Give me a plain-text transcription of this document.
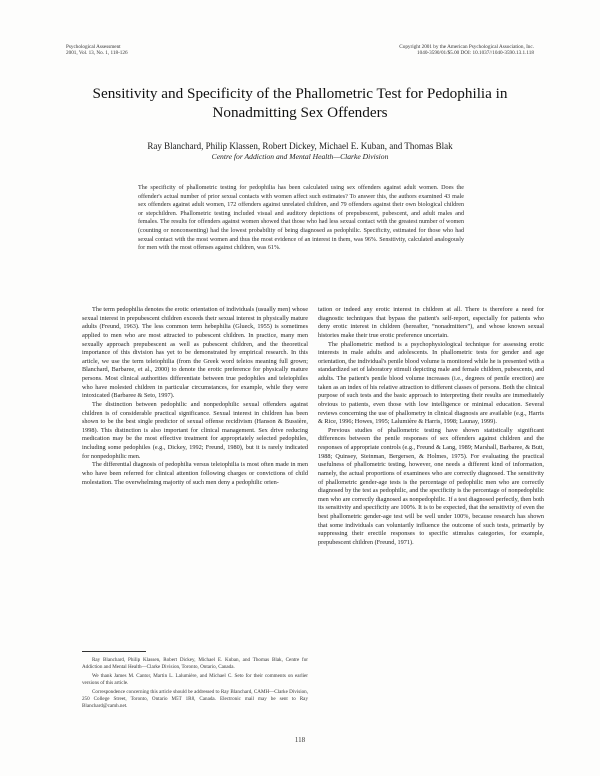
Psychological Assessment
2001, Vol. 13, No. 1, 118-126
Copyright 2001 by the American Psychological Association, Inc.
1040-3590/01/$5.00 DOI: 10.1037//1040-3590.13.1.118
Sensitivity and Specificity of the Phallometric Test for Pedophilia in
Nonadmitting Sex Offenders
Ray Blanchard, Philip Klassen, Robert Dickey, Michael E. Kuban, and Thomas Blak
Centre for Addiction and Mental Health—Clarke Division
The specificity of phallometric testing for pedophilia has been calculated using sex offenders against adult women. Does the offender's actual number of prior sexual contacts with women affect such estimates? To answer this, the authors examined 43 male sex offenders against adult women, 172 offenders against unrelated children, and 79 offenders against their own biological children or stepchildren. Phallometric testing included visual and auditory depictions of prepubescent, pubescent, and adult males and females. The results for offenders against women showed that those who had less sexual contact with the greatest number of women (counting or nonconsenting) had the lowest probability of being diagnosed as pedophilic. Specificity, estimated for those who had sexual contact with the most women and thus the most evidence of an interest in them, was 96%. Sensitivity, calculated analogously for men with the most offenses against children, was 61%.

The term pedophilia denotes the erotic orientation of individuals (usually men) whose sexual interest in prepubescent children exceeds their sexual interest in physically mature adults (Freund, 1963). The less common term hebephilia (Glueck, 1955) is sometimes applied to men who are most attracted to pubescent children. In practice, many men sexually approach prepubescent as well as pubescent children, and the theoretical importance of this division has yet to be demonstrated by empirical research. In this article, we use the term teleiophilia (from the Greek word teleios meaning full grown; Blanchard, Barbaree, et al., 2000) to denote the erotic preference for physically mature persons. Most clinical authorities differentiate between true pedophiles and teleiophiles who have molested children in particular circumstances, for example, while they were intoxicated (Barbaree & Seto, 1997).

The distinction between pedophilic and nonpedophilic sexual offenders against children is of considerable practical significance. Sexual interest in children has been shown to be the best single predictor of sexual offense recidivism (Hanson & Bussière, 1998). This distinction is also important for clinical management. Sex drive reducing medication may be the most effective treatment for appropriately selected pedophiles, including some pedophiles (e.g., Dickey, 1992; Freund, 1980), but it is rarely indicated for nonpedophilic men.

The differential diagnosis of pedophilia versus teleiophilia is most often made in men who have been referred for clinical attention following charges or convictions of child molestation. The overwhelming majority of such men deny a pedophilic orien-

tation or indeed any erotic interest in children at all. There is therefore a need for diagnostic techniques that bypass the patient's self-report, especially for patients who deny erotic interest in children (hereafter, “nonadmitters”), and whose known sexual histories make their true erotic preference uncertain.

The phallometric method is a psychophysiological technique for assessing erotic interests in male adults and adolescents. In phallometric tests for gender and age orientation, the individual's penile blood volume is monitored while he is presented with a standardized set of laboratory stimuli depicting male and female children, pubescents, and adults. The patient's penile blood volume increases (i.e., degrees of penile erection) are taken as an index of his relative attraction to different classes of persons. Both the clinical purpose of such tests and the basic approach to interpreting their results are immediately obvious to patients, even those with low intelligence or minimal education. Several reviews concerning the use of phallometry in clinical diagnosis are available (e.g., Harris & Rice, 1996; Howes, 1995; Lalumière & Harris, 1998; Launay, 1999).

Previous studies of phallometric testing have shown statistically significant differences between the penile responses of sex offenders against children and the responses of appropriate controls (e.g., Freund & Lang, 1989; Marshall, Barbaree, & Butt, 1988; Quinsey, Steinman, Bergersen, & Holmes, 1975). For evaluating the practical usefulness of phallometric testing, however, one needs a different kind of information, namely, the actual proportions of examinees who are correctly diagnosed. The sensitivity of phallometric gender-age tests is the percentage of pedophilic men who are correctly diagnosed by the test as pedophilic, and the specificity is the percentage of nonpedophilic men who are correctly diagnosed as nonpedophilic. If a test diagnosed perfectly, then both its sensitivity and specificity are 100%. It is to be expected, that the sensitivity of even the best phallometric gender-age test will be well under 100%, because research has shown that some individuals can voluntarily influence the outcome of such tests, primarily by suppressing their erectile responses to specific stimulus categories, for example, prepubescent children (Freund, 1971).

Ray Blanchard, Philip Klassen, Robert Dickey, Michael E. Kuban, and Thomas Blak, Centre for Addiction and Mental Health—Clarke Division, Toronto, Ontario, Canada.

We thank James M. Cantor, Martin L. Lalumière, and Michael C. Seto for their comments on earlier versions of this article.

Correspondence concerning this article should be addressed to Ray Blanchard, CAMH—Clarke Division, 250 College Street, Toronto, Ontario M5T 1R8, Canada. Electronic mail may be sent to Ray Blanchard@camh.net.

118
